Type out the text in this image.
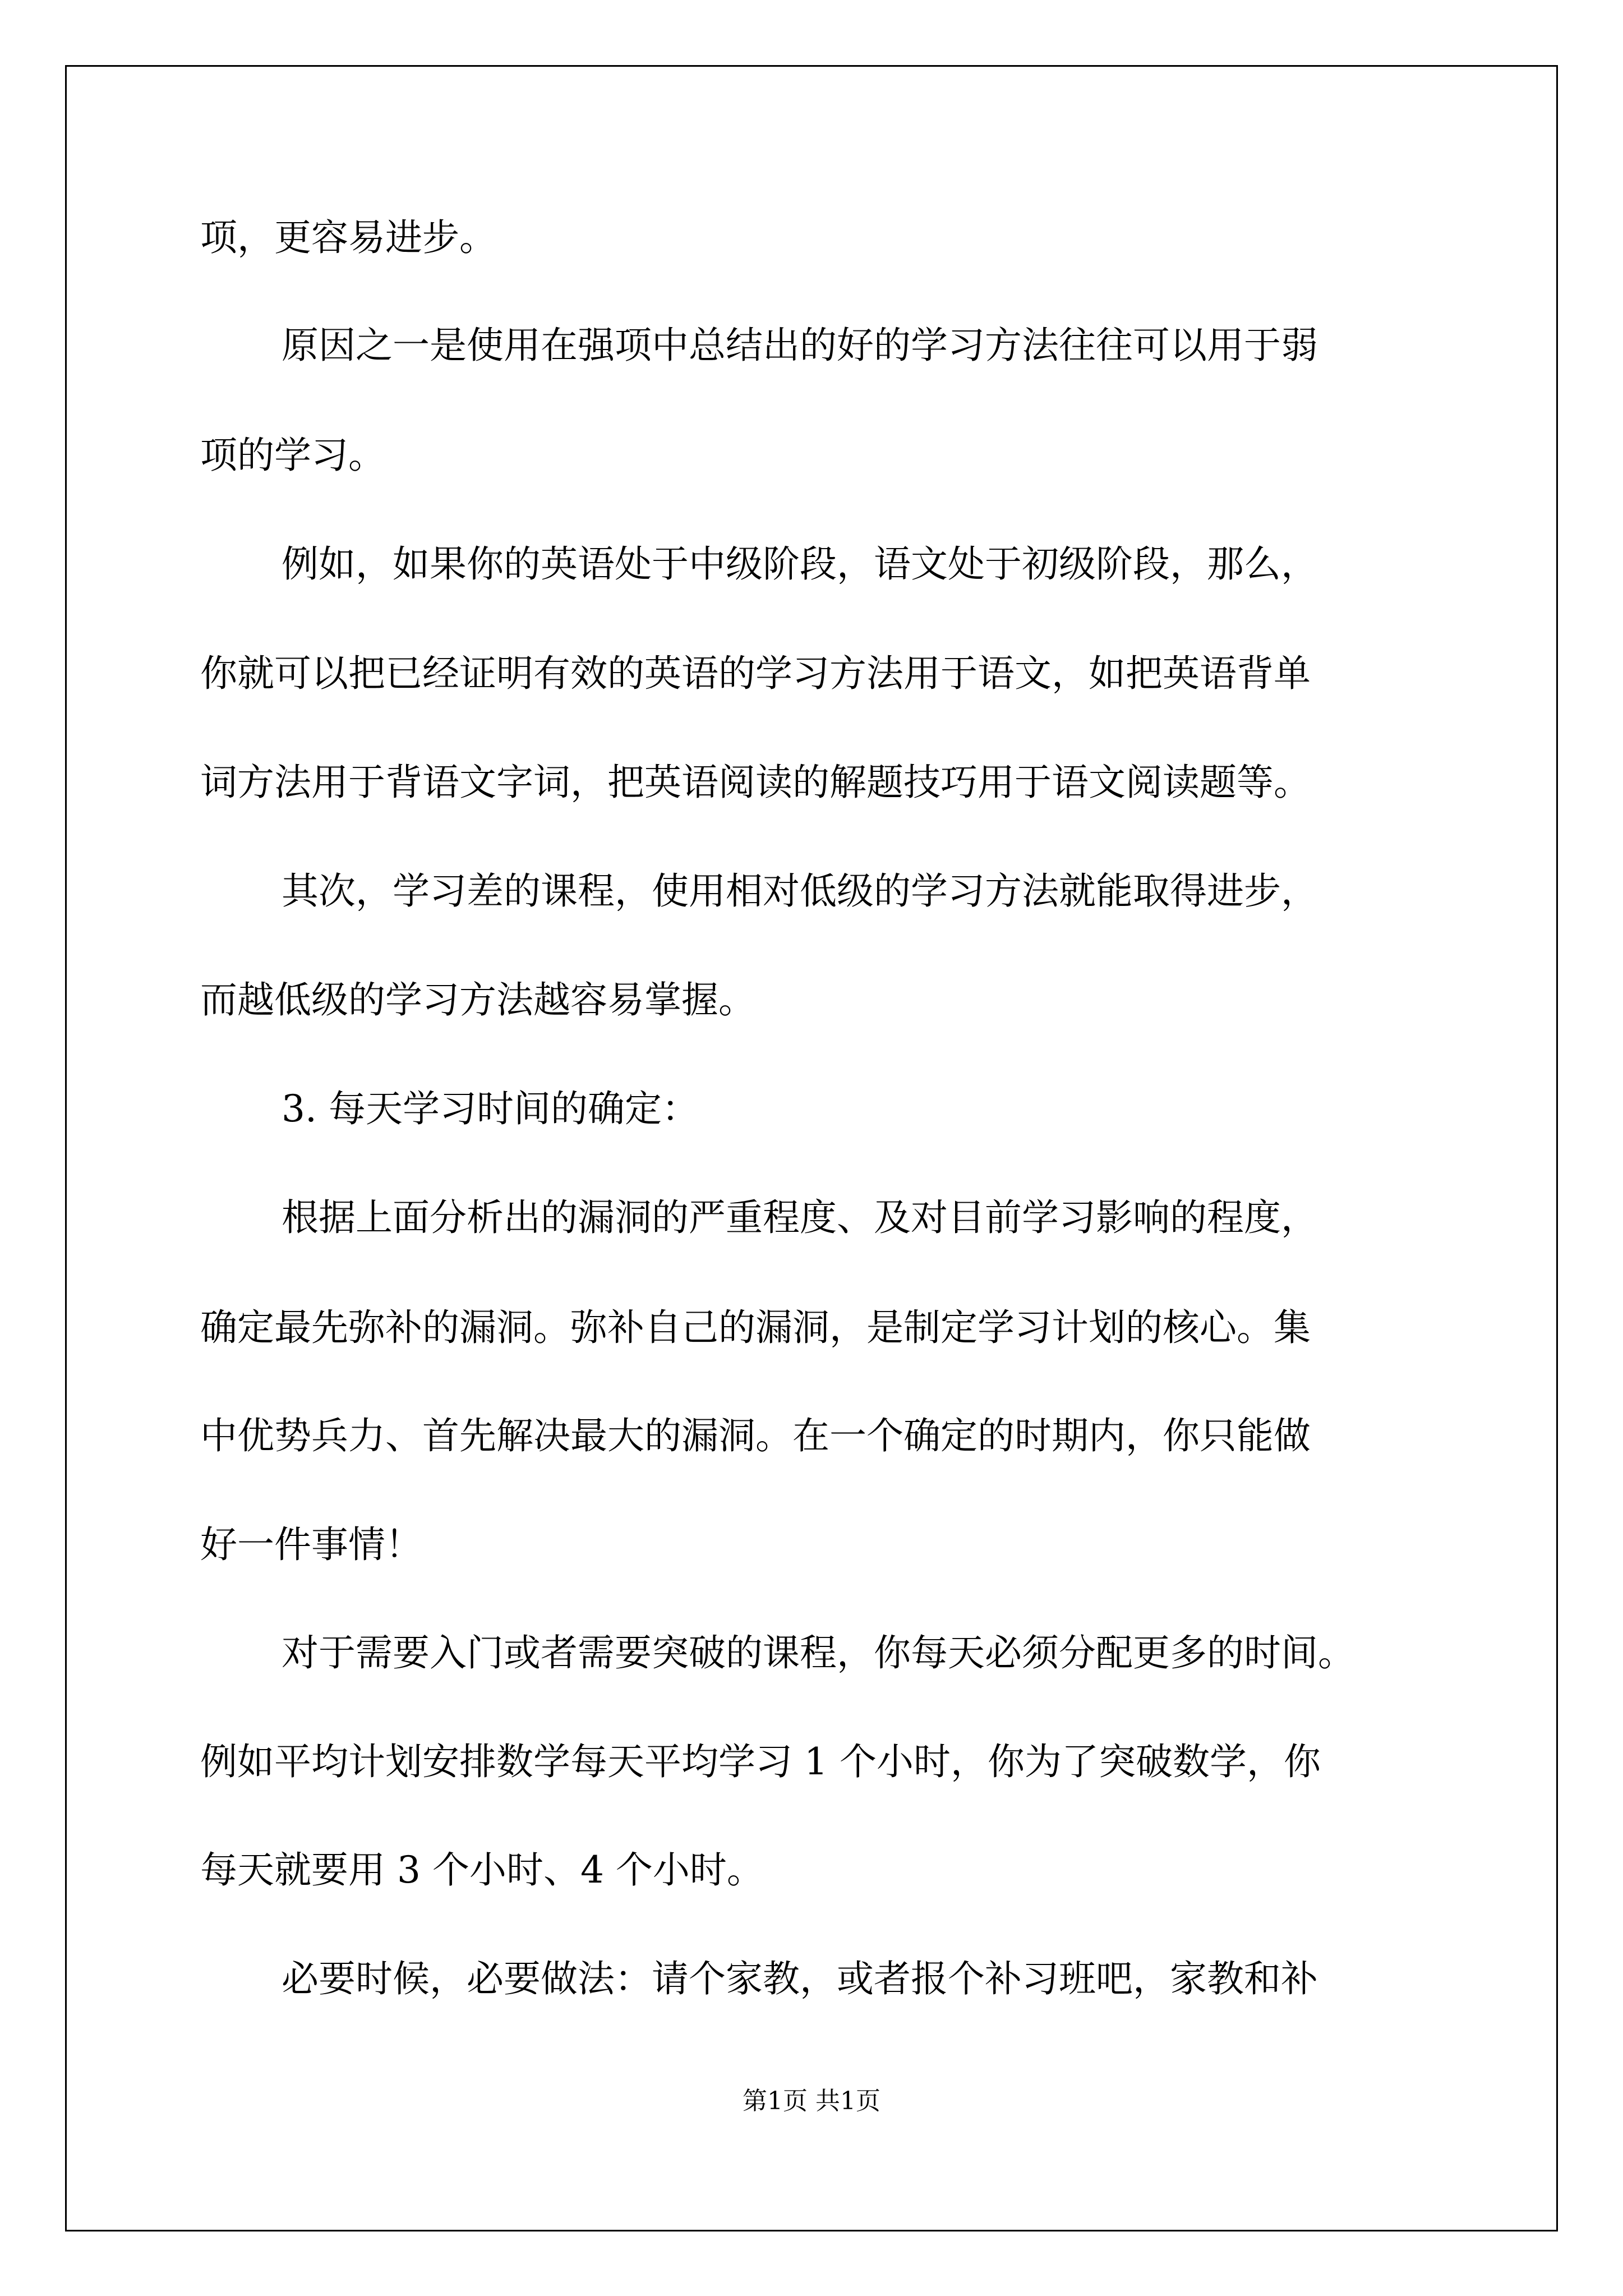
项，更容易进步。

原因之一是使用在强项中总结出的好的学习方法往往可以用于弱

项的学习。

例如，如果你的英语处于中级阶段，语文处于初级阶段，那么，

你就可以把已经证明有效的英语的学习方法用于语文，如把英语背单

词方法用于背语文字词，把英语阅读的解题技巧用于语文阅读题等。

其次，学习差的课程，使用相对低级的学习方法就能取得进步，

而越低级的学习方法越容易掌握。

3. 每天学习时间的确定：

根据上面分析出的漏洞的严重程度、及对目前学习影响的程度，

确定最先弥补的漏洞。弥补自己的漏洞，是制定学习计划的核心。集

中优势兵力、首先解决最大的漏洞。在一个确定的时期内，你只能做

好一件事情！

对于需要入门或者需要突破的课程，你每天必须分配更多的时间。

例如平均计划安排数学每天平均学习 1 个小时，你为了突破数学，你

每天就要用 3 个小时、4 个小时。

必要时候，必要做法：请个家教，或者报个补习班吧，家教和补

第1页 共1页
